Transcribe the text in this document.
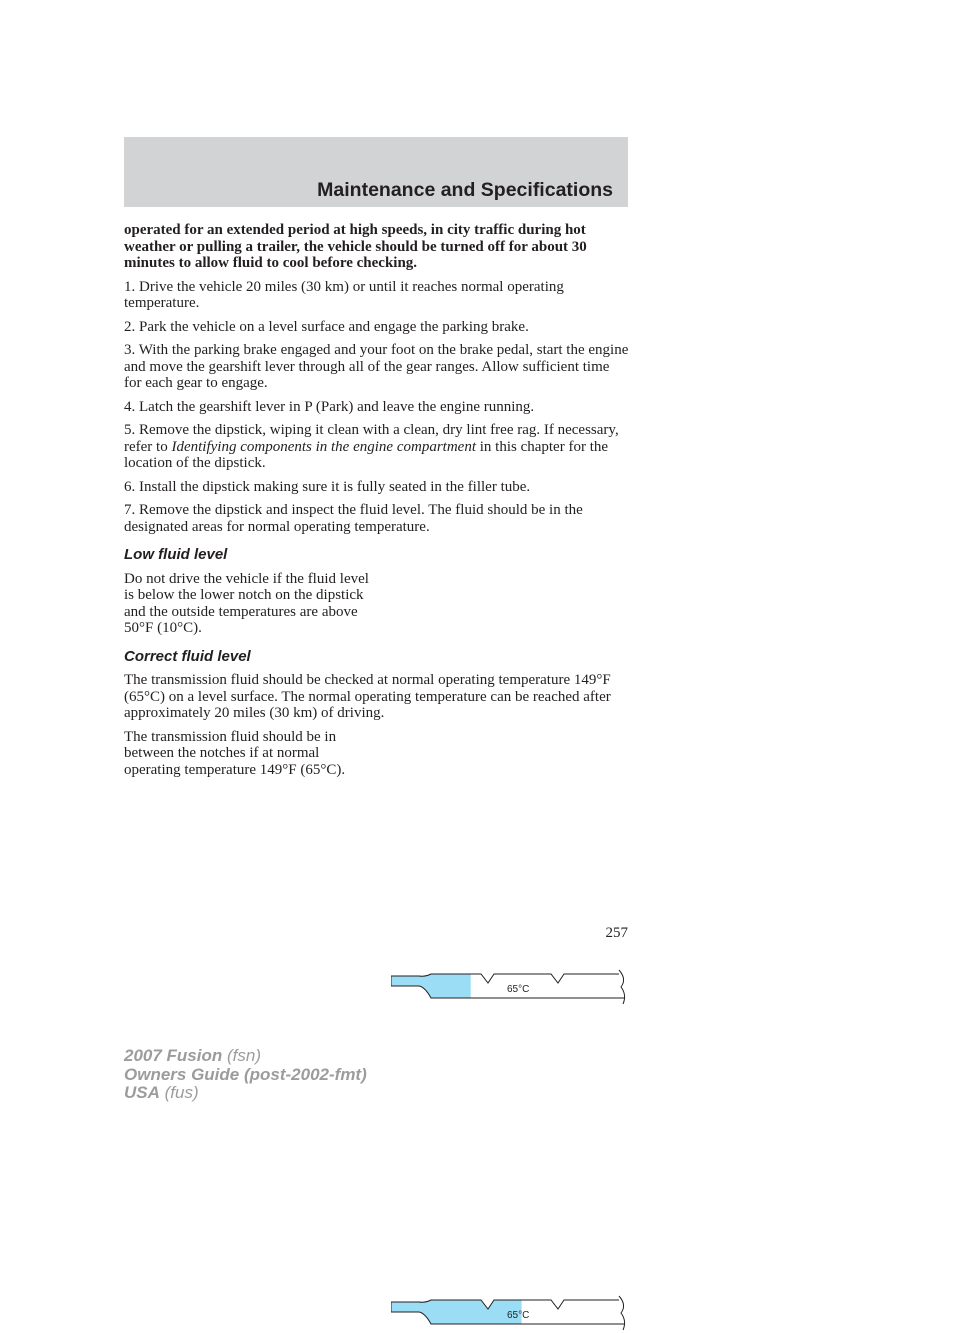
Maintenance and Specifications

operated for an extended period at high speeds, in city traffic during hot weather or pulling a trailer, the vehicle should be turned off for about 30 minutes to allow fluid to cool before checking.

1. Drive the vehicle 20 miles (30 km) or until it reaches normal operating temperature.

2. Park the vehicle on a level surface and engage the parking brake.

3. With the parking brake engaged and your foot on the brake pedal, start the engine and move the gearshift lever through all of the gear ranges. Allow sufficient time for each gear to engage.

4. Latch the gearshift lever in P (Park) and leave the engine running.

5. Remove the dipstick, wiping it clean with a clean, dry lint free rag. If necessary, refer to Identifying components in the engine compartment in this chapter for the location of the dipstick.

6. Install the dipstick making sure it is fully seated in the filler tube.

7. Remove the dipstick and inspect the fluid level. The fluid should be in the designated areas for normal operating temperature.

Low fluid level

Do not drive the vehicle if the fluid level is below the lower notch on the dipstick and the outside temperatures are above 50°F (10°C).

65°C
Correct fluid level

The transmission fluid should be checked at normal operating temperature 149°F (65°C) on a level surface. The normal operating temperature can be reached after approximately 20 miles (30 km) of driving.

The transmission fluid should be in between the notches if at normal operating temperature 149°F (65°C).

65°C
257
2007 Fusion (fsn)
Owners Guide (post-2002-fmt)
USA (fus)
